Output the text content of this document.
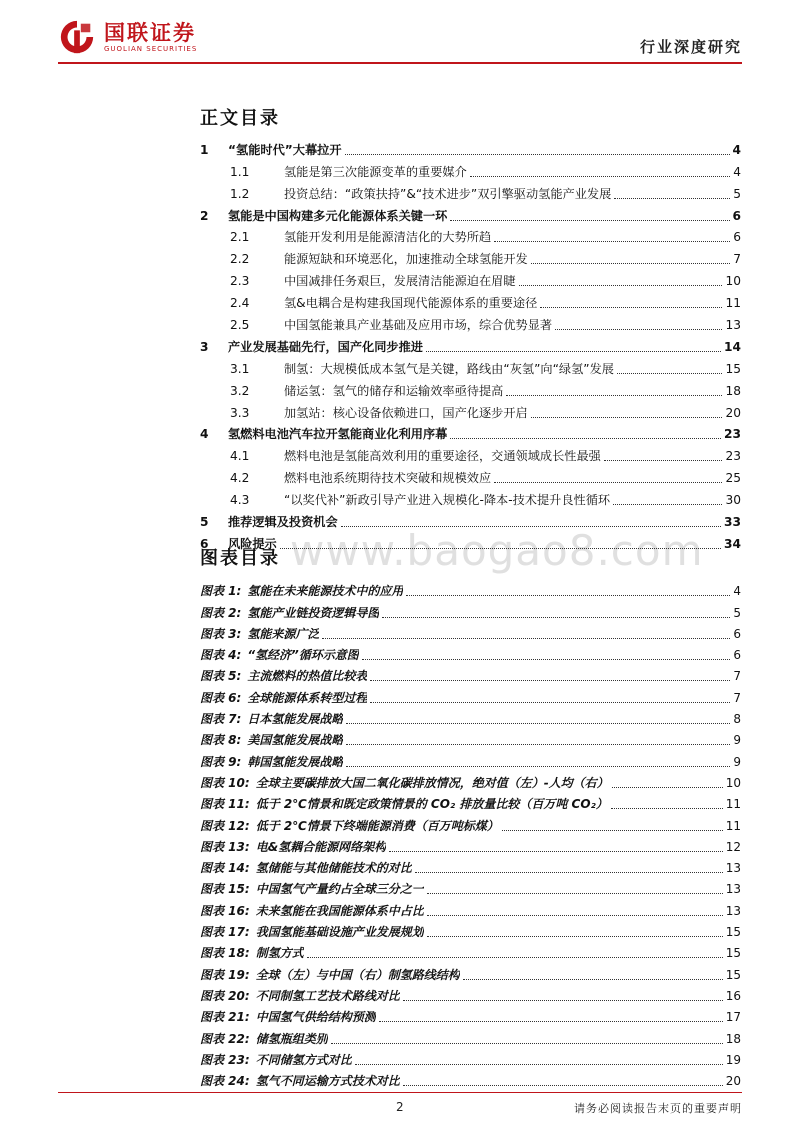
国联证券
GUOLIAN SECURITIES	行业深度研究
www.baogao8.com
正文目录
1	“氢能时代”大幕拉开	4
1.1	氢能是第三次能源变革的重要媒介	4
1.2	投资总结：“政策扶持”&“技术进步”双引擎驱动氢能产业发展	5
2	氢能是中国构建多元化能源体系关键一环	6
2.1	氢能开发利用是能源清洁化的大势所趋	6
2.2	能源短缺和环境恶化，加速推动全球氢能开发	7
2.3	中国减排任务艰巨，发展清洁能源迫在眉睫	10
2.4	氢&电耦合是构建我国现代能源体系的重要途径	11
2.5	中国氢能兼具产业基础及应用市场，综合优势显著	13
3	产业发展基础先行，国产化同步推进	14
3.1	制氢：大规模低成本氢气是关键，路线由“灰氢”向“绿氢”发展	15
3.2	储运氢：氢气的储存和运输效率亟待提高	18
3.3	加氢站：核心设备依赖进口，国产化逐步开启	20
4	氢燃料电池汽车拉开氢能商业化利用序幕	23
4.1	燃料电池是氢能高效利用的重要途径，交通领域成长性最强	23
4.2	燃料电池系统期待技术突破和规模效应	25
4.3	“以奖代补”新政引导产业进入规模化-降本-技术提升良性循环	30
5	推荐逻辑及投资机会	33
6	风险提示	34
图表目录
图表 1: 氢能在未来能源技术中的应用	4
图表 2: 氢能产业链投资逻辑导图	5
图表 3: 氢能来源广泛	6
图表 4: “氢经济”循环示意图	6
图表 5: 主流燃料的热值比较表	7
图表 6: 全球能源体系转型过程	7
图表 7: 日本氢能发展战略	8
图表 8: 美国氢能发展战略	9
图表 9: 韩国氢能发展战略	9
图表 10: 全球主要碳排放大国二氧化碳排放情况，绝对值（左）-人均（右）	10
图表 11: 低于 2℃情景和既定政策情景的 CO₂ 排放量比较（百万吨 CO₂）	11
图表 12: 低于 2℃情景下终端能源消费（百万吨标煤）	11
图表 13: 电&氢耦合能源网络架构	12
图表 14: 氢储能与其他储能技术的对比	13
图表 15: 中国氢气产量约占全球三分之一	13
图表 16: 未来氢能在我国能源体系中占比	13
图表 17: 我国氢能基础设施产业发展规划	15
图表 18: 制氢方式	15
图表 19: 全球（左）与中国（右）制氢路线结构	15
图表 20: 不同制氢工艺技术路线对比	16
图表 21: 中国氢气供给结构预测	17
图表 22: 储氢瓶组类别	18
图表 23: 不同储氢方式对比	19
图表 24: 氢气不同运输方式技术对比	20
2	请务必阅读报告末页的重要声明
